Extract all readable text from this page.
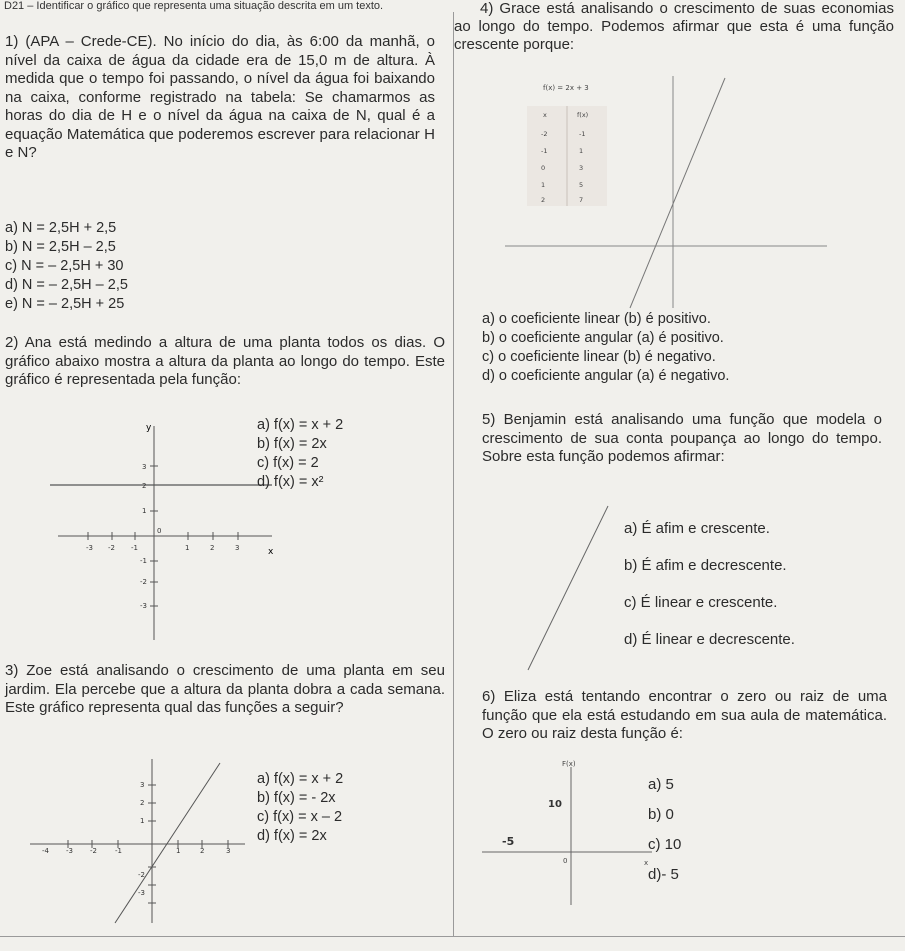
D21 – Identificar o gráfico que representa uma situação descrita em um texto.

1) (APA – Crede-CE). No início do dia, às 6:00 da manhã, o nível da caixa de água da cidade era de 15,0 m de altura. À medida que o tempo foi passando, o nível da água foi baixando na caixa, conforme registrado na tabela: Se chamarmos as horas do dia de H e o nível da água na caixa de N, qual é a equação Matemática que poderemos escrever para relacionar H e N?

a) N = 2,5H + 2,5
b) N = 2,5H – 2,5
c) N = – 2,5H + 30
d) N = – 2,5H – 2,5
e) N = – 2,5H + 25

2) Ana está medindo a altura de uma planta todos os dias. O gráfico abaixo mostra a altura da planta ao longo do tempo. Este gráfico é representada pela função:

y
x
-3 -2 -1
0
1	2	3
3
2
1
-1
-2
-3
a) f(x) = x + 2
b) f(x) = 2x
c) f(x) = 2
d) f(x) = x²

3) Zoe está analisando o crescimento de uma planta em seu jardim. Ela percebe que a altura da planta dobra a cada semana. Este gráfico representa qual das funções a seguir?

3
2
1
-2
-3
-4 -3 -2	-1	1	2	3
a) f(x) = x + 2
b) f(x) = - 2x
c) f(x) = x – 2
d) f(x) = 2x

4) Grace está analisando o crescimento de suas economias ao longo do tempo. Podemos afirmar que esta é uma função crescente porque:

f(x) = 2x + 3
x	f(x)
-2	-1
-1	1
0	3
1	5
2	7
a) o coeficiente linear (b) é positivo.
b) o coeficiente angular (a) é positivo.
c) o coeficiente linear (b) é negativo.
d) o coeficiente angular (a) é negativo.

5) Benjamin está analisando uma função que modela o crescimento de sua conta poupança ao longo do tempo. Sobre esta função podemos afirmar:

a) É afim e crescente.
b) É afim e decrescente.
c) É linear e crescente.
d) É linear e decrescente.

6) Eliza está tentando encontrar o zero ou raiz de uma função que ela está estudando em sua aula de matemática. O zero ou raiz desta função é:

F(x)
10
-5
0	x
a) 5
b) 0
c) 10
d)- 5
